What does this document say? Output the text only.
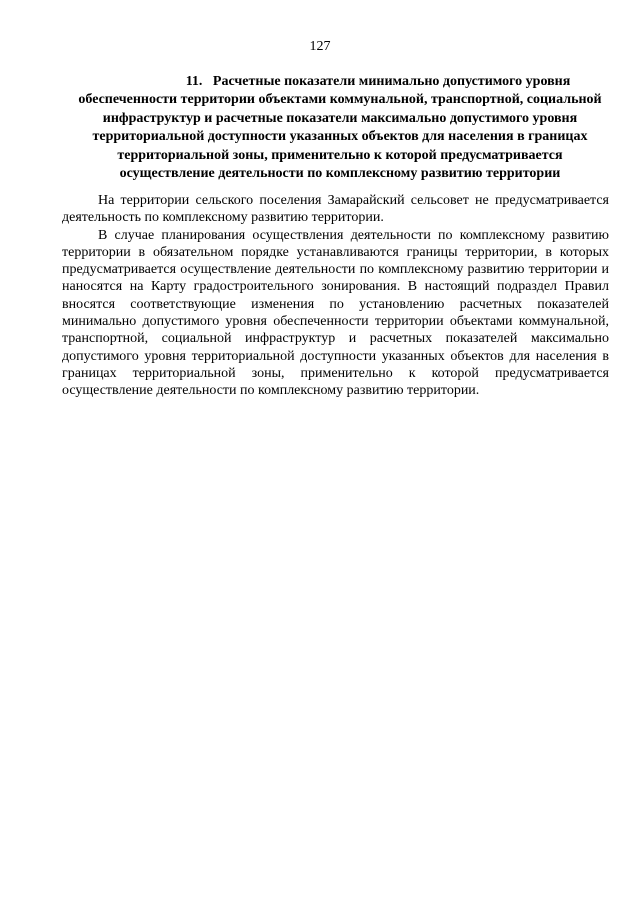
127
11. Расчетные показатели минимально допустимого уровня обеспеченности территории объектами коммунальной, транспортной, социальной инфраструктур и расчетные показатели максимально допустимого уровня территориальной доступности указанных объектов для населения в границах территориальной зоны, применительно к которой предусматривается осуществление деятельности по комплексному развитию территории

На территории сельского поселения Замарайский сельсовет не предусматривается деятельность по комплексному развитию территории.

В случае планирования осуществления деятельности по комплексному развитию территории в обязательном порядке устанавливаются границы территории, в которых предусматривается осуществление деятельности по комплексному развитию территории и наносятся на Карту градостроительного зонирования. В настоящий подраздел Правил вносятся соответствующие изменения по установлению расчетных показателей минимально допустимого уровня обеспеченности территории объектами коммунальной, транспортной, социальной инфраструктур и расчетных показателей максимально допустимого уровня территориальной доступности указанных объектов для населения в границах территориальной зоны, применительно к которой предусматривается осуществление деятельности по комплексному развитию территории.
